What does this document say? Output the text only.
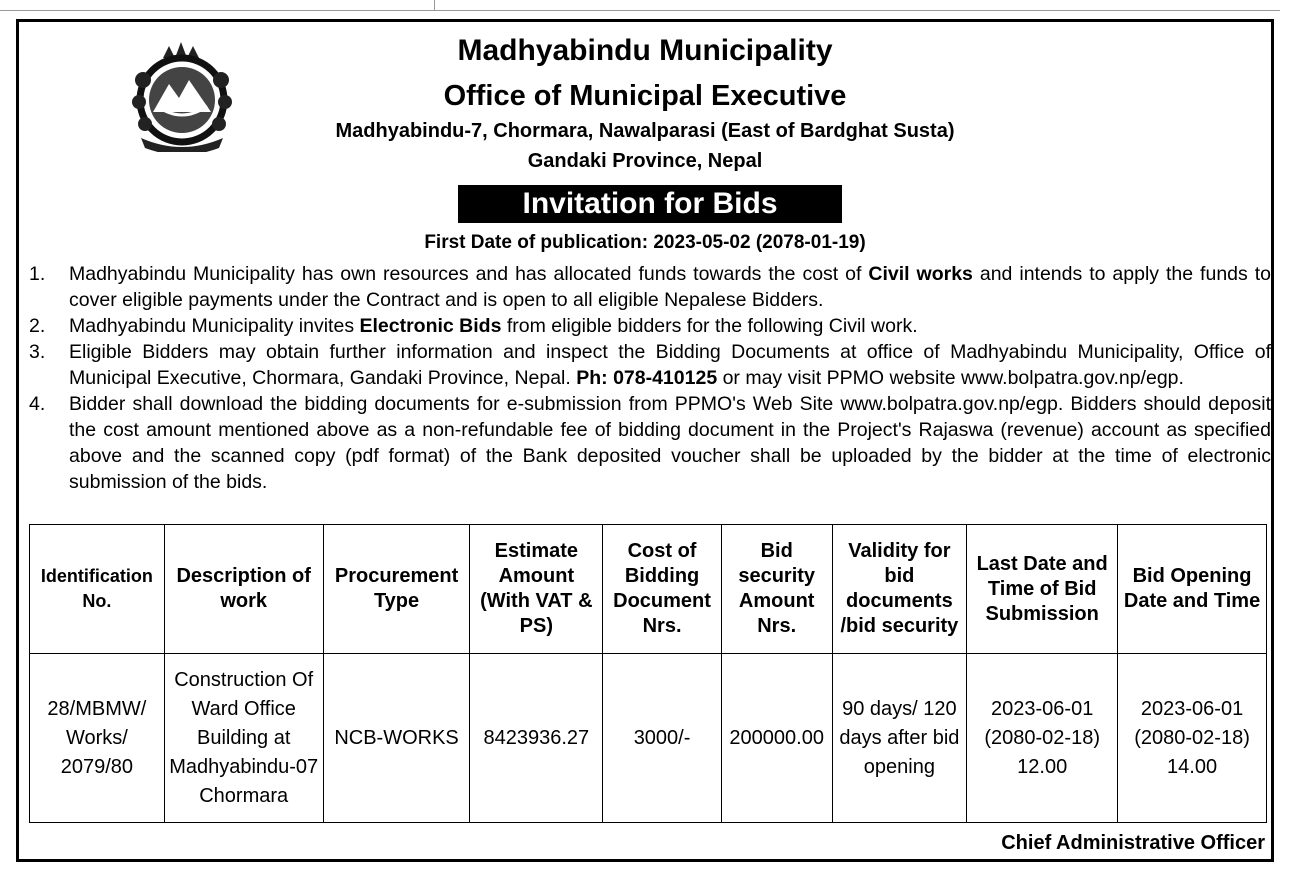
Madhyabindu Municipality
Office of Municipal Executive
Madhyabindu-7, Chormara, Nawalparasi (East of Bardghat Susta)
Gandaki Province, Nepal
Invitation for Bids
First Date of publication: 2023-05-02 (2078-01-19)
1.	Madhyabindu Municipality has own resources and has allocated funds towards the cost of Civil works and intends to apply the funds to cover eligible payments under the Contract and is open to all eligible Nepalese Bidders.
2.	Madhyabindu Municipality invites Electronic Bids from eligible bidders for the following Civil work.
3.	Eligible Bidders may obtain further information and inspect the Bidding Documents at office of Madhyabindu Municipality, Office of Municipal Executive, Chormara, Gandaki Province, Nepal. Ph: 078-410125 or may visit PPMO website www.bolpatra.gov.np/egp.
4.	Bidder shall download the bidding documents for e-submission from PPMO's Web Site www.bolpatra.gov.np/egp. Bidders should deposit the cost amount mentioned above as a non-refundable fee of bidding document in the Project's Rajaswa (revenue) account as specified above and the scanned copy (pdf format) of the Bank deposited voucher shall be uploaded by the bidder at the time of electronic submission of the bids.
Identification No.	Description of work	Procurement Type	Estimate Amount (With VAT & PS)	Cost of Bidding Document Nrs.	Bid security Amount Nrs.	Validity for bid documents /bid security	Last Date and Time of Bid Submission	Bid Opening Date and Time
28/MBMW/ Works/ 2079/80	Construction Of Ward Office Building at Madhyabindu-07 Chormara	NCB-WORKS	8423936.27	3000/-	200000.00	90 days/ 120 days after bid opening	2023-06-01 (2080-02-18) 12.00	2023-06-01 (2080-02-18) 14.00
Chief Administrative Officer
